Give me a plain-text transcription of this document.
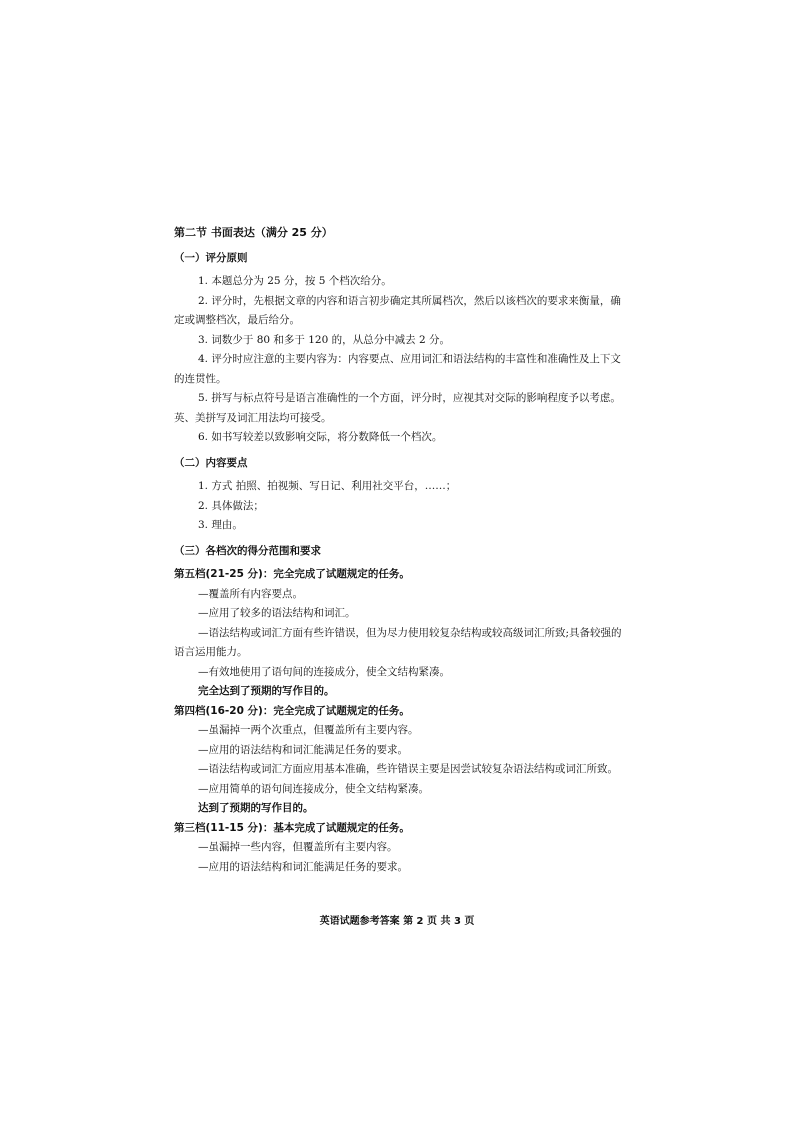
第二节 书面表达（满分 25 分）
（一）评分原则
1. 本题总分为 25 分，按 5 个档次给分。
2. 评分时，先根据文章的内容和语言初步确定其所属档次，然后以该档次的要求来衡量，确定或调整档次，最后给分。
3. 词数少于 80 和多于 120 的，从总分中减去 2 分。
4. 评分时应注意的主要内容为：内容要点、应用词汇和语法结构的丰富性和准确性及上下文的连贯性。
5. 拼写与标点符号是语言准确性的一个方面，评分时，应视其对交际的影响程度予以考虑。英、美拼写及词汇用法均可接受。
6. 如书写较差以致影响交际，将分数降低一个档次。
（二）内容要点
1. 方式 拍照、拍视频、写日记、利用社交平台，……；
2. 具体做法；
3. 理由。
（三）各档次的得分范围和要求
第五档(21-25 分)：完全完成了试题规定的任务。
—覆盖所有内容要点。
—应用了较多的语法结构和词汇。
—语法结构或词汇方面有些许错误，但为尽力使用较复杂结构或较高级词汇所致;具备较强的语言运用能力。
—有效地使用了语句间的连接成分，使全文结构紧凑。
完全达到了预期的写作目的。
第四档(16-20 分)：完全完成了试题规定的任务。
—虽漏掉一两个次重点，但覆盖所有主要内容。
—应用的语法结构和词汇能满足任务的要求。
—语法结构或词汇方面应用基本准确，些许错误主要是因尝试较复杂语法结构或词汇所致。
—应用简单的语句间连接成分，使全文结构紧凑。
达到了预期的写作目的。
第三档(11-15 分)：基本完成了试题规定的任务。
—虽漏掉一些内容，但覆盖所有主要内容。
—应用的语法结构和词汇能满足任务的要求。
英语试题参考答案 第 2 页 共 3 页
